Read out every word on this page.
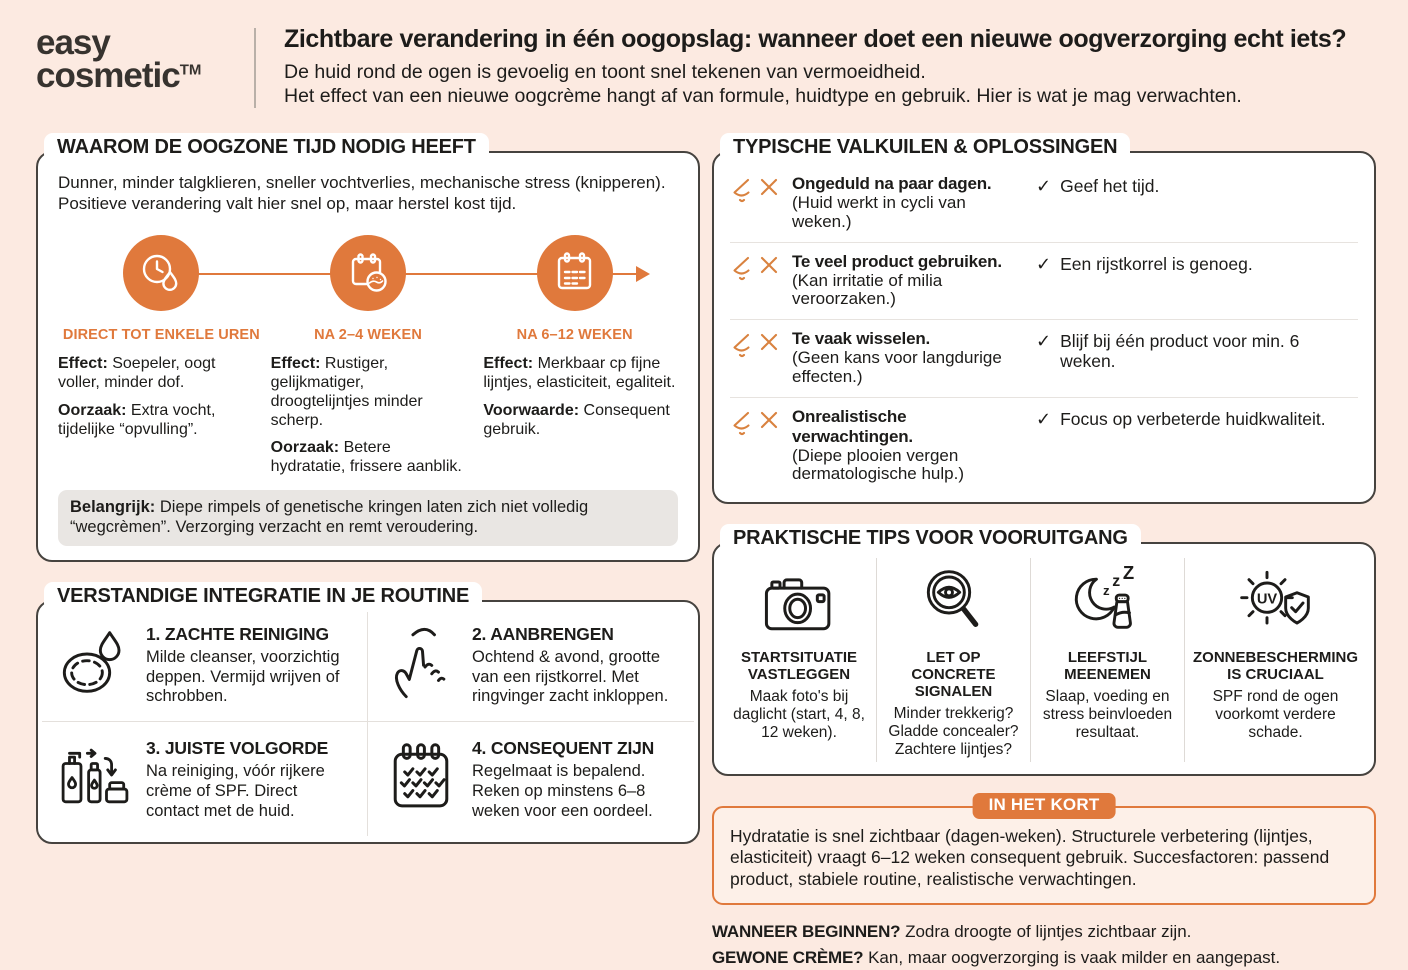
easy
cosmetic™
Zichtbare verandering in één oogopslag: wanneer doet een nieuwe oogverzorging echt iets?

De huid rond de ogen is gevoelig en toont snel tekenen van vermoeidheid.

Het effect van een nieuwe oogcrème hangt af van formule, huidtype en gebruik. Hier is wat je mag verwachten.

WAAROM DE OOGZONE TIJD NODIG HEEFT

Dunner, minder talgklieren, sneller vochtverlies, mechanische stress (knipperen).

Positieve verandering valt hier snel op, maar herstel kost tijd.

DIRECT TOT ENKELE UREN	NA 2–4 WEKEN	NA 6–12 WEKEN

Effect: Soepeler, oogt voller, minder dof.

Oorzaak: Extra vocht, tijdelijke “opvulling”.

Effect: Rustiger, gelijkmatiger, droogtelijntjes minder scherp.

Oorzaak: Betere hydratatie, frissere aanblik.

Effect: Merkbaar cp fijne lijntjes, elasticiteit, egaliteit.

Voorwaarde: Consequent gebruik.

Belangrijk: Diepe rimpels of genetische kringen laten zich niet volledig “wegcrèmen”. Verzorging verzacht en remt veroudering.
VERSTANDIGE INTEGRATIE IN JE ROUTINE

1. ZACHTE REINIGING

Milde cleanser, voorzichtig deppen. Vermijd wrijven of schrobben.

2. AANBRENGEN

Ochtend & avond, grootte van een rijstkorrel. Met ringvinger zacht inkloppen.

3. JUISTE VOLGORDE

Na reiniging, vóór rijkere crème of SPF. Direct contact met de huid.

4. CONSEQUENT ZIJN

Regelmaat is bepalend. Reken op minstens 6–8 weken voor een oordeel.

TYPISCHE VALKUILEN & OPLOSSINGEN
Ongeduld na paar dagen.
(Huid werkt in cycli van weken.)
✓ Geef het tijd.
Te veel product gebruiken.
(Kan irritatie of milia veroorzaken.)
✓ Een rijstkorrel is genoeg.
Te vaak wisselen.
(Geen kans voor langdurige effecten.)
✓ Blijf bij één product voor min. 6 weken.
Onrealistische verwachtingen.
(Diepe plooien vergen dermatologische hulp.)
✓ Focus op verbeterde huidkwaliteit.
PRAKTISCHE TIPS VOOR VOORUITGANG

STARTSITUATIE VASTLEGGEN

Maak foto's bij daglicht (start, 4, 8, 12 weken).

LET OP CONCRETE SIGNALEN

Minder trekkerig? Gladde concealer? Zachtere lijntjes?

z
z Z

LEEFSTIJL MEENEMEN

Slaap, voeding en stress beinvloeden resultaat.

UV

ZONNEBESCHERMING IS CRUCIAAL

SPF rond de ogen voorkomt verdere schade.

IN HET KORT

Hydratatie is snel zichtbaar (dagen-weken). Structurele verbetering (lijntjes, elasticiteit) vraagt 6–12 weken consequent gebruik. Succesfactoren: passend product, stabiele routine, realistische verwachtingen.

WANNEER BEGINNEN? Zodra droogte of lijntjes zichtbaar zijn.
GEWONE CRÈME? Kan, maar oogverzorging is vaak milder en aangepast.
